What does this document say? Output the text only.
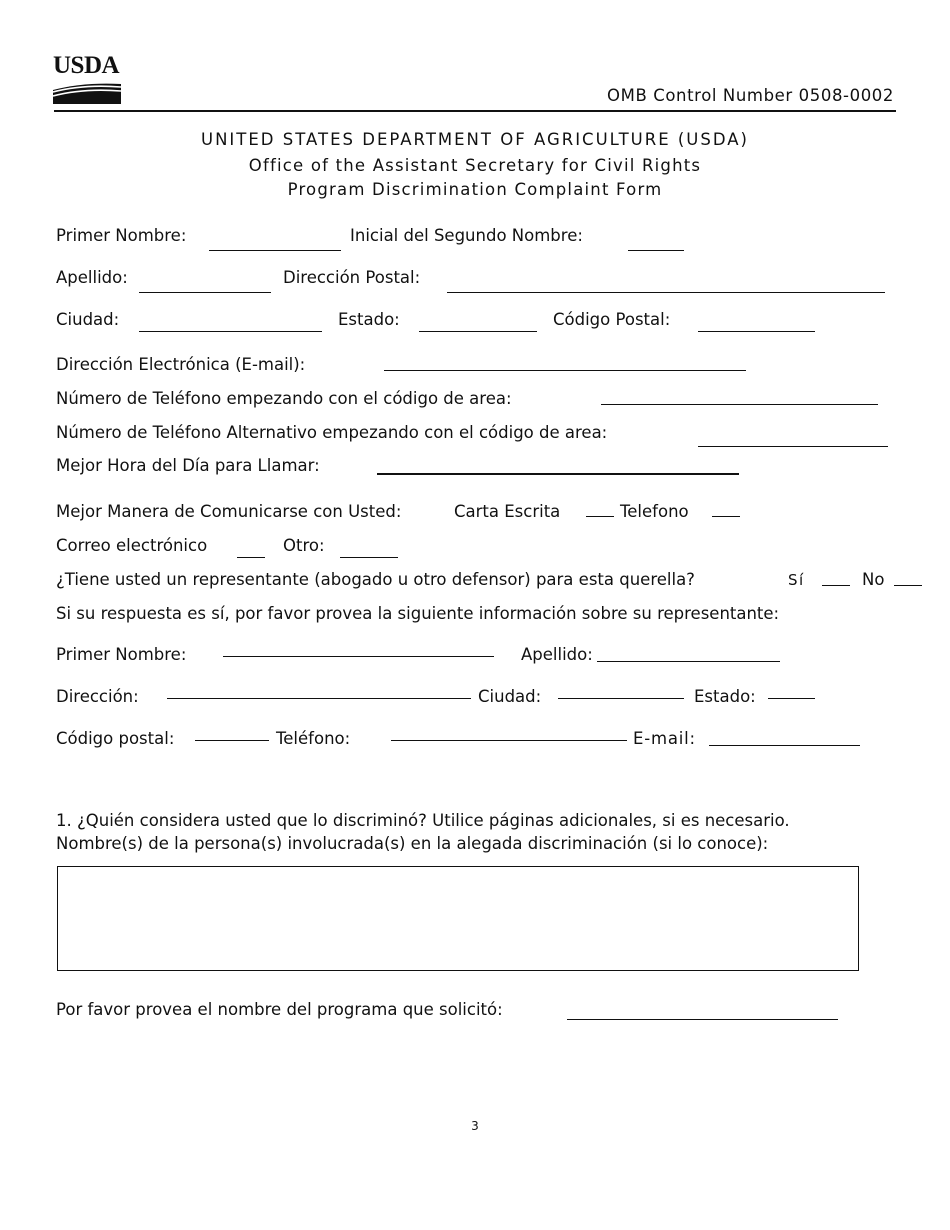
USDA
OMB Control Number 0508-0002
UNITED STATES DEPARTMENT OF AGRICULTURE (USDA)
Office of the Assistant Secretary for Civil Rights
Program Discrimination Complaint Form
Primer Nombre:	Inicial del Segundo Nombre:
Apellido:	Dirección Postal:
Ciudad:	Estado:	Código Postal:
Dirección Electrónica (E-mail):
Número de Teléfono empezando con el código de area:
Número de Teléfono Alternativo empezando con el código de area:
Mejor Hora del Día para Llamar:
Mejor Manera de Comunicarse con Usted:	Carta Escrita	Telefono
Correo electrónico	Otro:
¿Tiene usted un representante (abogado u otro defensor) para esta querella?	Sí	No
Si su respuesta es sí, por favor provea la siguiente información sobre su representante:
Primer Nombre:	Apellido:
Dirección:	Ciudad:	Estado:
Código postal:	Teléfono:	E-mail:
1. ¿Quién considera usted que lo discriminó? Utilice páginas adicionales, si es necesario.
Nombre(s) de la persona(s) involucrada(s) en la alegada discriminación (si lo conoce):
Por favor provea el nombre del programa que solicitó:
3
